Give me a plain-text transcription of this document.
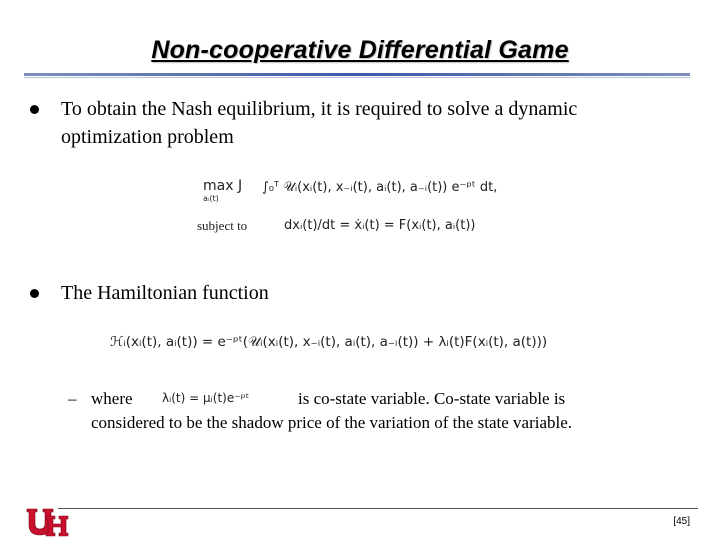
Non-cooperative Differential Game
To obtain the Nash equilibrium, it is required to solve a dynamic
optimization problem
max J
aᵢ(t)
∫₀ᵀ 𝒰ᵢ(xᵢ(t), x₋ᵢ(t), aᵢ(t), a₋ᵢ(t)) e⁻ᵖᵗ dt,
subject to	dxᵢ(t)/dt = ẋᵢ(t) = F(xᵢ(t), aᵢ(t))
The Hamiltonian function
ℋᵢ(xᵢ(t), aᵢ(t)) = e⁻ᵖᵗ(𝒰ᵢ(xᵢ(t), x₋ᵢ(t), aᵢ(t), a₋ᵢ(t)) + λᵢ(t)F(xᵢ(t), a(t)))
– where λᵢ(t) = μᵢ(t)e⁻ᵖᵗ	is co-state variable. Co-state variable is
considered to be the shadow price of the variation of the state variable.
[45]
